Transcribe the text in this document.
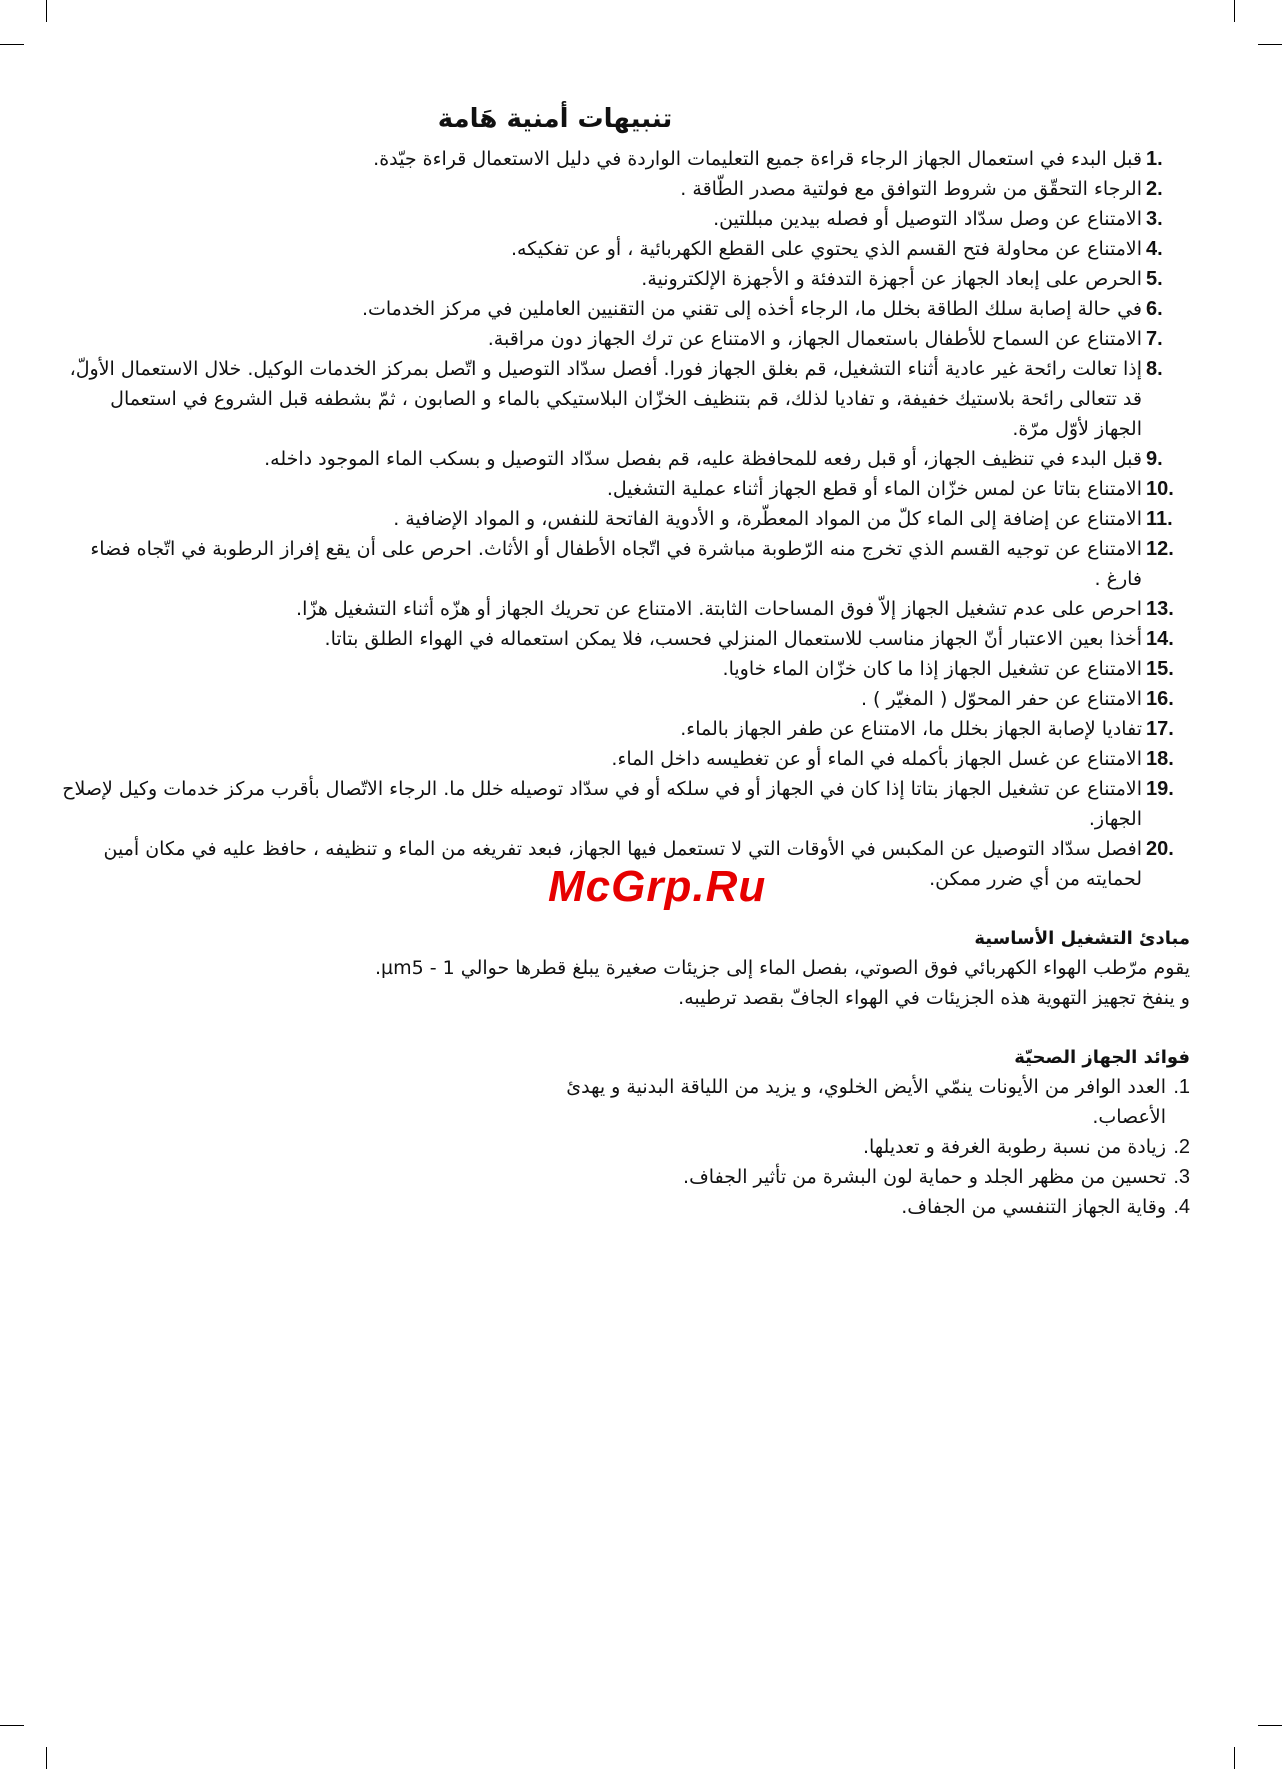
تنبيهات أمنية هَامة
1.
قبل البدء في استعمال الجهاز الرجاء قراءة جميع التعليمات الواردة في دليل الاستعمال قراءة جيّدة.
2.
الرجاء التحقّق من شروط التوافق مع فولتية مصدر الطّاقة .
3.
الامتناع عن وصل سدّاد التوصيل أو فصله بيدين مبللتين.
4.
الامتناع عن محاولة فتح القسم الذي يحتوي على القطع الكهربائية ، أو عن تفكيكه.
5.
الحرص على إبعاد الجهاز عن أجهزة التدفئة و الأجهزة الإلكترونية.
6.
في حالة إصابة سلك الطاقة بخلل ما، الرجاء أخذه إلى تقني من التقنيين العاملين في مركز الخدمات.
7.
الامتناع عن السماح للأطفال باستعمال الجهاز، و الامتناع عن ترك الجهاز دون مراقبة.
8.
إذا تعالت رائحة غير عادية أثناء التشغيل، قم بغلق الجهاز فورا. أفصل سدّاد التوصيل و اتّصل بمركز الخدمات الوكيل. خلال الاستعمال الأولّ، قد تتعالى رائحة بلاستيك خفيفة، و تفاديا لذلك، قم بتنظيف الخزّان البلاستيكي بالماء و الصابون ، ثمّ بشطفه قبل الشروع في استعمال الجهاز لأوّل مرّة.
9.
قبل البدء في تنظيف الجهاز، أو قبل رفعه للمحافظة عليه، قم بفصل سدّاد التوصيل و بسكب الماء الموجود داخله.
10.
الامتناع بتاتا عن لمس خزّان الماء أو قطع الجهاز أثناء عملية التشغيل.
11.
الامتناع عن إضافة إلى الماء كلّ من المواد المعطّرة، و الأدوية الفاتحة للنفس، و المواد الإضافية .
12.
الامتناع عن توجيه القسم الذي تخرج منه الرّطوبة مباشرة في اتّجاه الأطفال أو الأثاث. احرص على أن يقع إفراز الرطوبة في اتّجاه فضاء فارغ .
13.
احرص على عدم تشغيل الجهاز إلاّ فوق المساحات الثابتة. الامتناع عن تحريك الجهاز أو هزّه أثناء التشغيل هزّا.
14.
أخذا بعين الاعتبار أنّ الجهاز مناسب للاستعمال المنزلي فحسب، فلا يمكن استعماله في الهواء الطلق بتاتا.
15.
الامتناع عن تشغيل الجهاز إذا ما كان خزّان الماء خاويا.
16.
الامتناع عن حفر المحوّل ( المغيّر ) .
17.
تفاديا لإصابة الجهاز بخلل ما، الامتناع عن طفر الجهاز بالماء.
18.
الامتناع عن غسل الجهاز بأكمله في الماء أو عن تغطيسه داخل الماء.
19.
الامتناع عن تشغيل الجهاز بتاتا إذا كان في الجهاز أو في سلكه أو في سدّاد توصيله خلل ما. الرجاء الاتّصال بأقرب مركز خدمات وكيل لإصلاح الجهاز.
20.
افصل سدّاد التوصيل عن المكبس في الأوقات التي لا تستعمل فيها الجهاز، فبعد تفريغه من الماء و تنظيفه ، حافظ عليه في مكان أمين لحمايته من أي ضرر ممكن.
مبادئ التشغيل الأساسية

يقوم مرّطب الهواء الكهربائي فوق الصوتي، بفصل الماء إلى جزيئات صغيرة يبلغ قطرها حوالي 1 - µm5.

و ينفخ تجهيز التهوية هذه الجزيئات في الهواء الجافّ بقصد ترطيبه.

فوائد الجهاز الصحيّة
1.
العدد الوافر من الأيونات ينمّي الأيض الخلوي، و يزيد من اللياقة البدنية و يهدئ الأعصاب.
2.
زيادة من نسبة رطوبة الغرفة و تعديلها.
3.
تحسين من مظهر الجلد و حماية لون البشرة من تأثير الجفاف.
4.
وقاية الجهاز التنفسي من الجفاف.
McGrp.Ru
